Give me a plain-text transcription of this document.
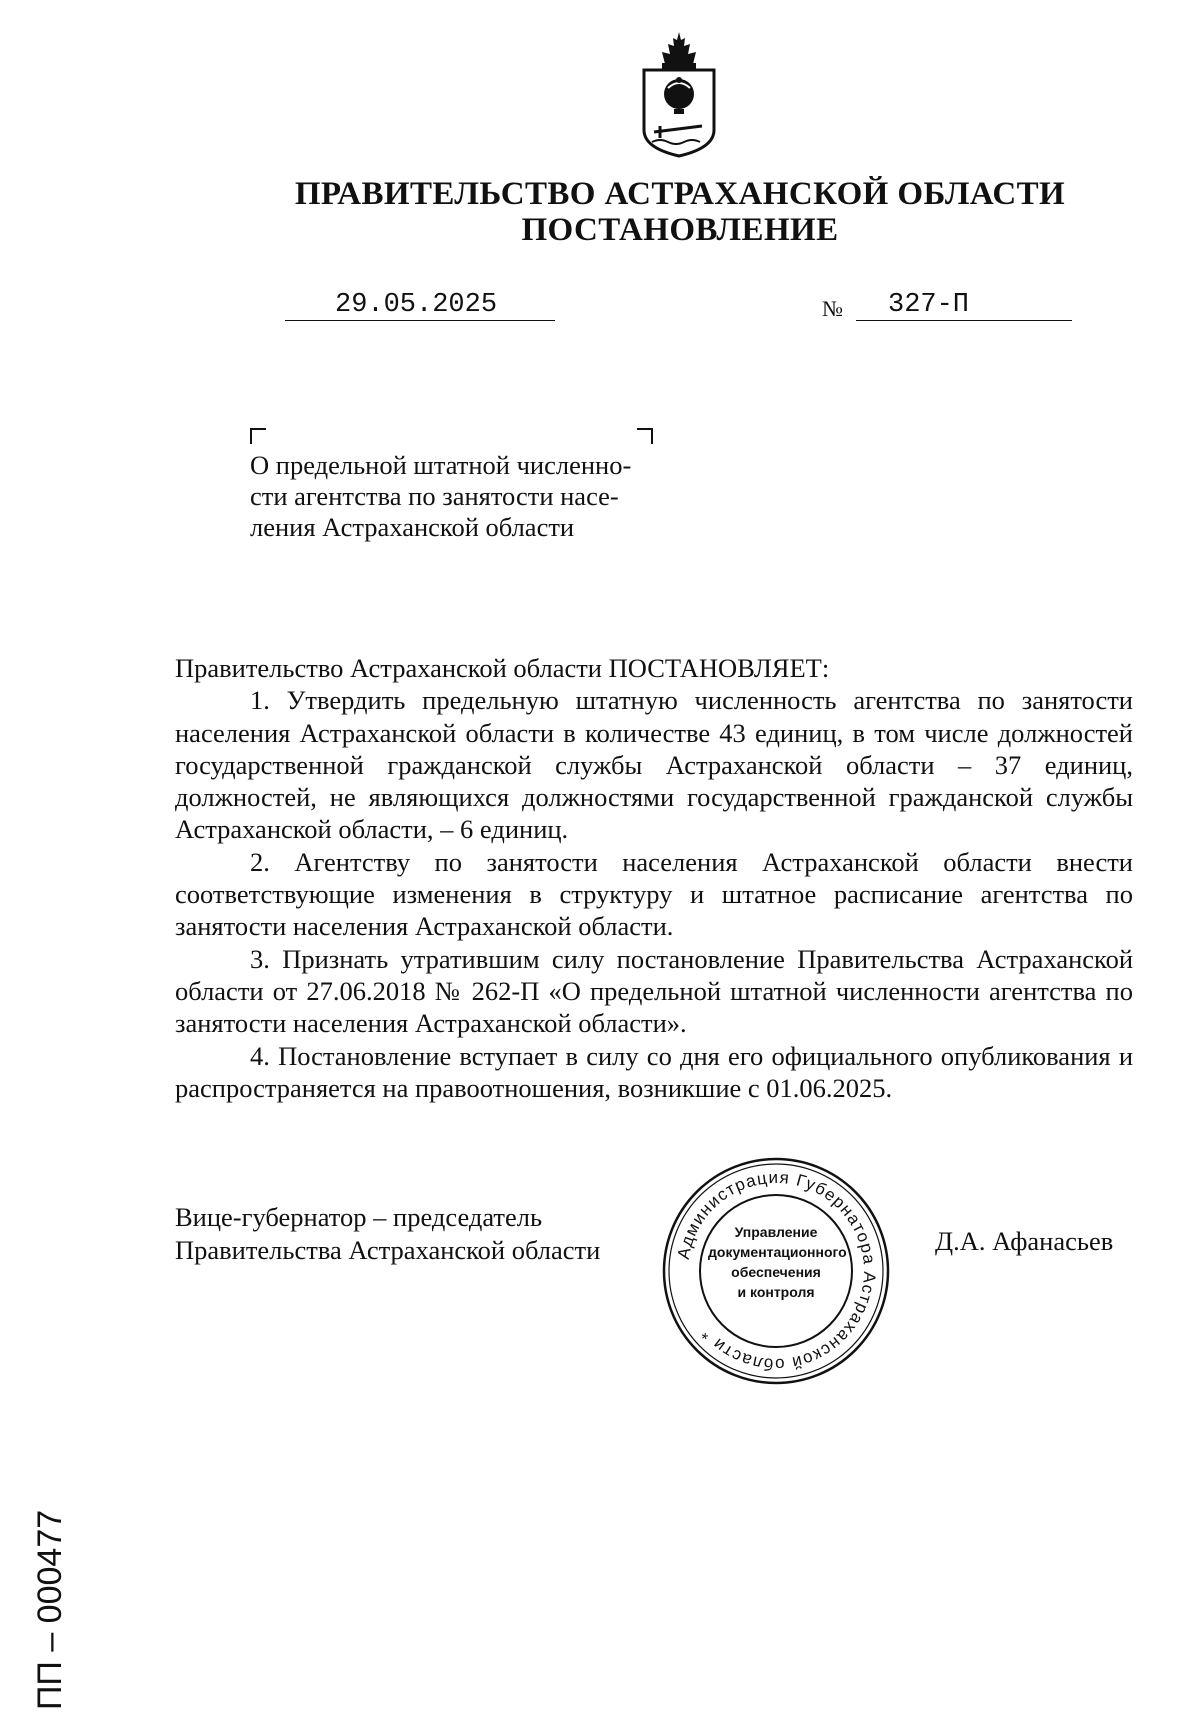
ПРАВИТЕЛЬСТВО АСТРАХАНСКОЙ ОБЛАСТИ
ПОСТАНОВЛЕНИЕ
29.05.2025	№	327-П
О предельной штатной численно-
сти агентства по занятости насе-
ления Астраханской области

Правительство Астраханской области ПОСТАНОВЛЯЕТ:

1. Утвердить предельную штатную численность агентства по занятости населения Астраханской области в количестве 43 единиц, в том числе должностей государственной гражданской службы Астраханской области – 37 единиц, должностей, не являющихся должностями государственной гражданской службы Астраханской области, – 6 единиц.

2. Агентству по занятости населения Астраханской области внести соответствующие изменения в структуру и штатное расписание агентства по занятости населения Астраханской области.

3. Признать утратившим силу постановление Правительства Астраханской области от 27.06.2018 № 262-П «О предельной штатной численности агентства по занятости населения Астраханской области».

4. Постановление вступает в силу со дня его официального опубликования и распространяется на правоотношения, возникшие с 01.06.2025.

Вице-губернатор – председатель
Правительства Астраханской области	Д.А. Афанасьев
Администрация Губернатора Астраханской области *
Управление
документационного
обеспечения
и контроля
ПП – 000477
